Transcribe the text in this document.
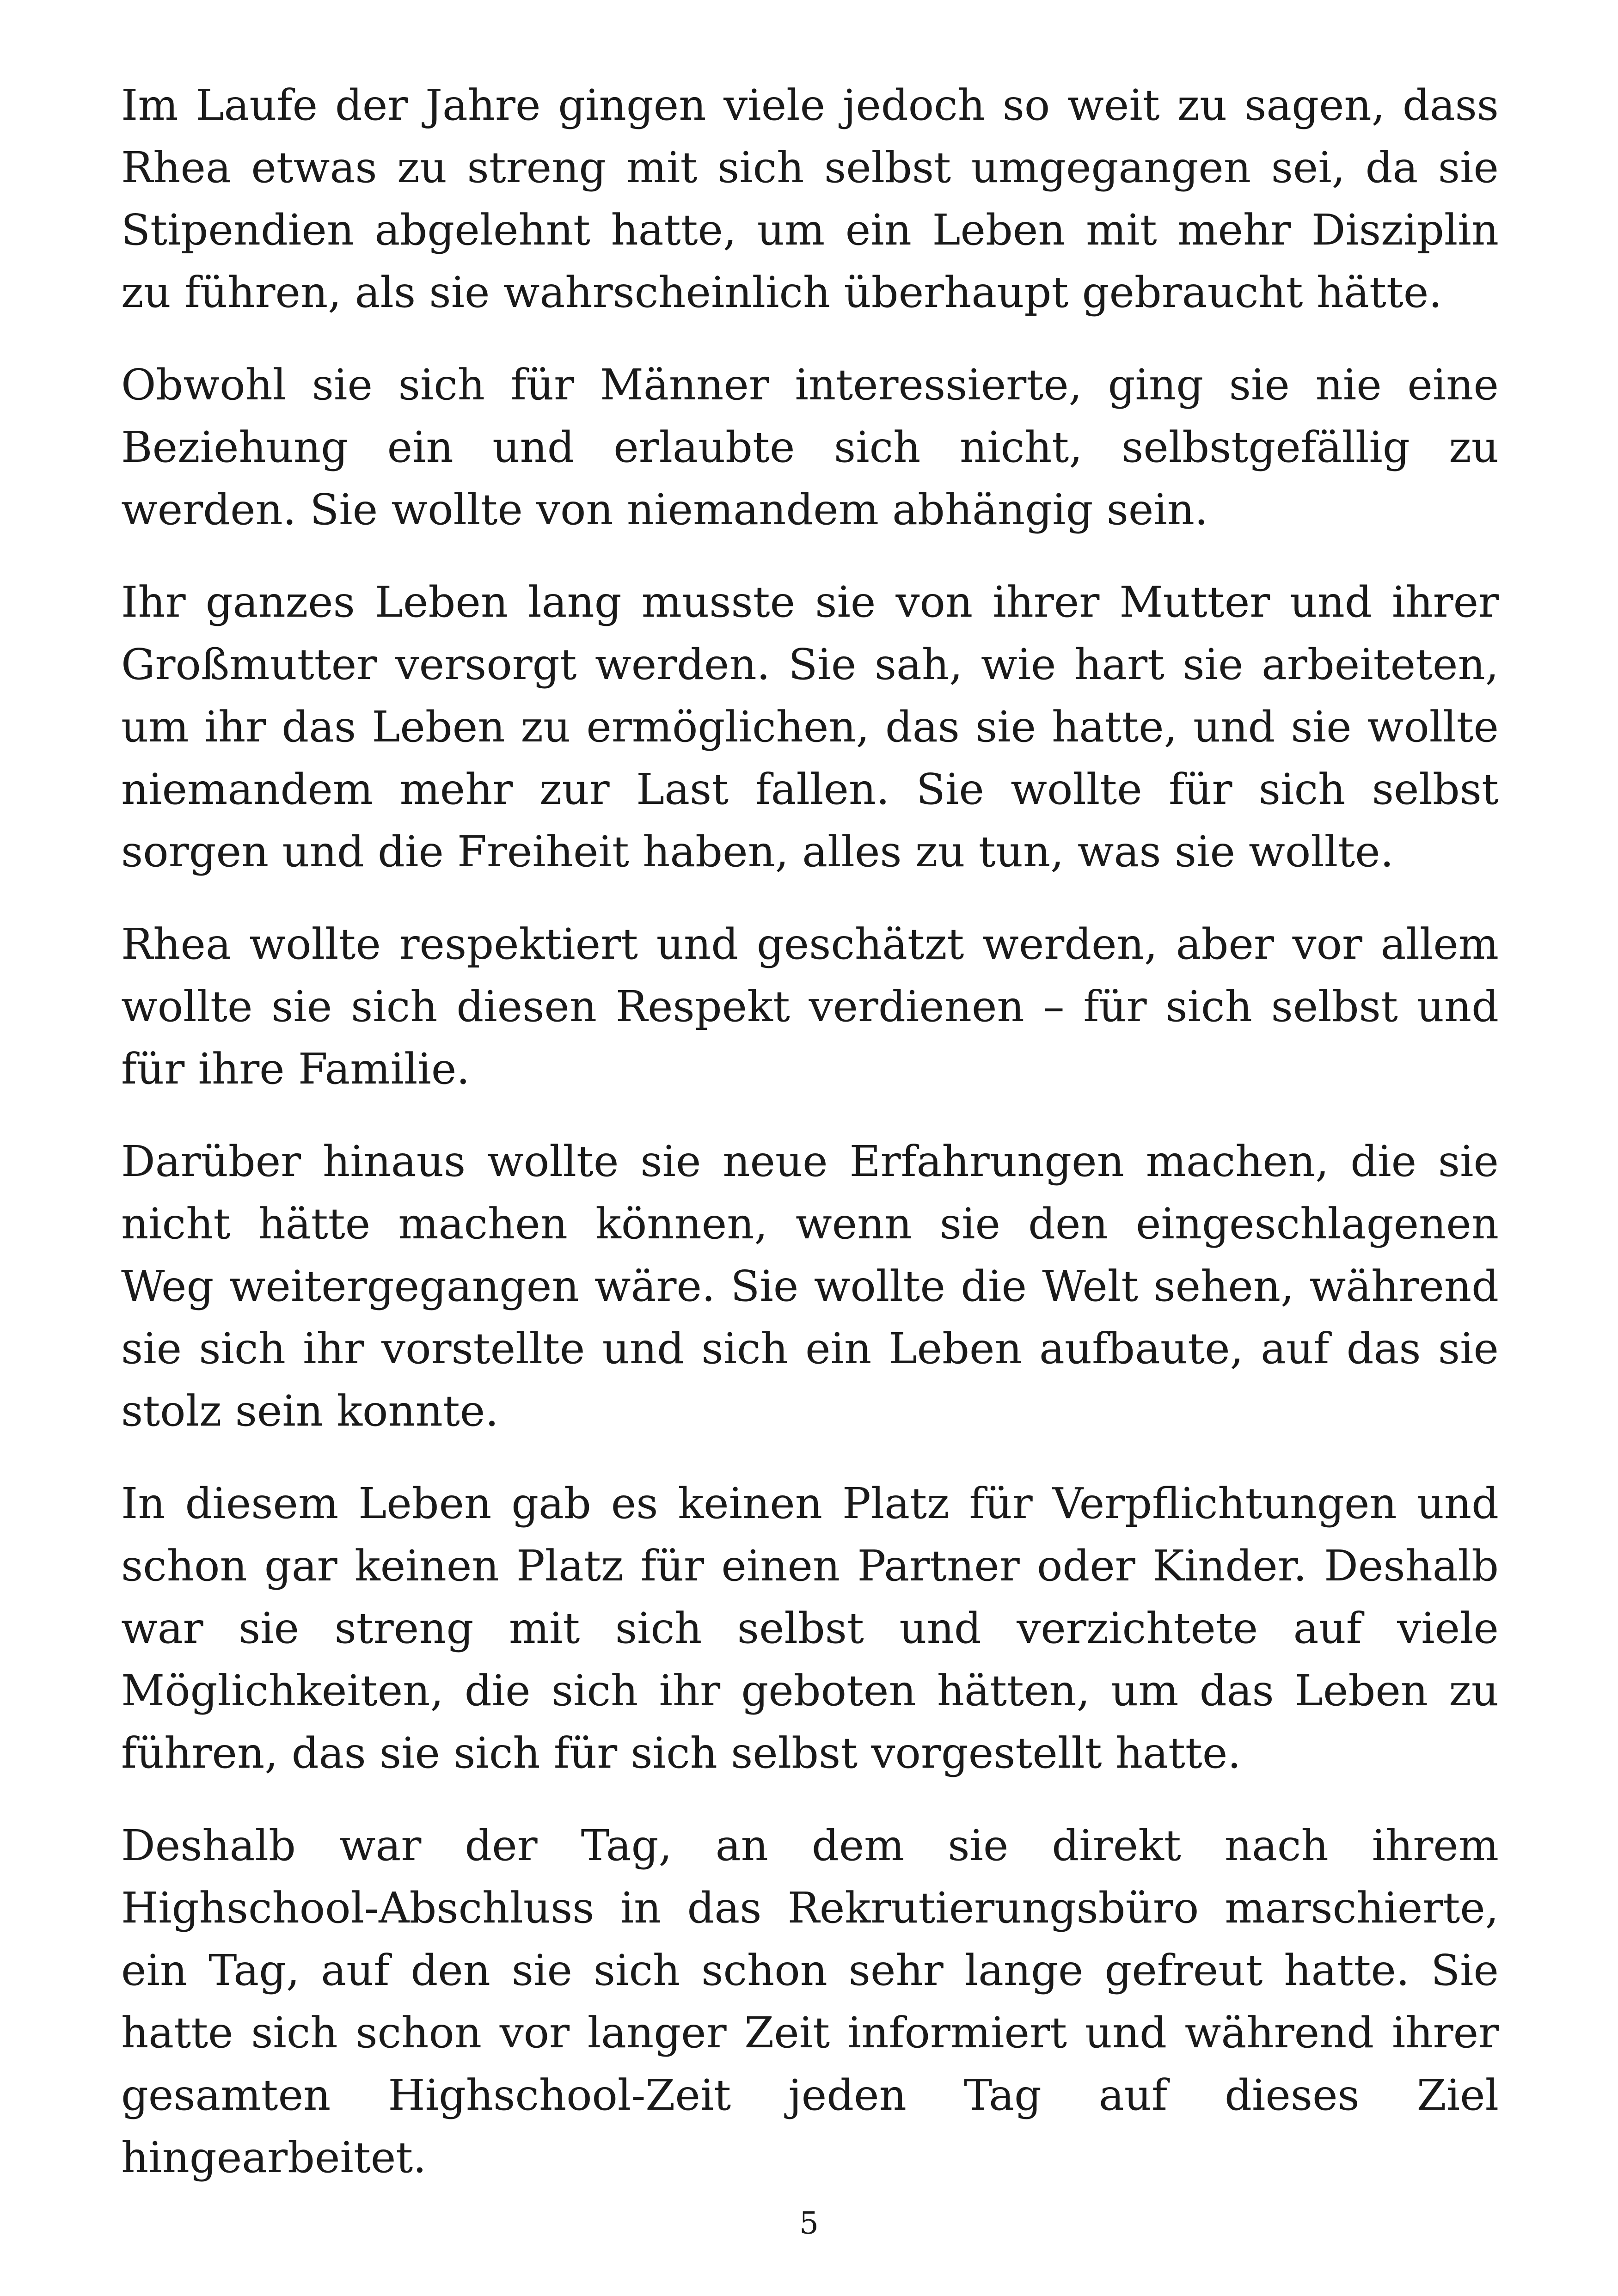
Im Laufe der Jahre gingen viele jedoch so weit zu sagen, dass Rhea etwas zu streng mit sich selbst umgegangen sei, da sie Stipendien abgelehnt hatte, um ein Leben mit mehr Disziplin zu führen, als sie wahrscheinlich überhaupt gebraucht hätte.

Obwohl sie sich für Männer interessierte, ging sie nie eine Beziehung ein und erlaubte sich nicht, selbstgefällig zu werden. Sie wollte von niemandem abhängig sein.

Ihr ganzes Leben lang musste sie von ihrer Mutter und ihrer Großmutter versorgt werden. Sie sah, wie hart sie arbeiteten, um ihr das Leben zu ermöglichen, das sie hatte, und sie wollte niemandem mehr zur Last fallen. Sie wollte für sich selbst sorgen und die Freiheit haben, alles zu tun, was sie wollte.

Rhea wollte respektiert und geschätzt werden, aber vor allem wollte sie sich diesen Respekt verdienen – für sich selbst und für ihre Familie.

Darüber hinaus wollte sie neue Erfahrungen machen, die sie nicht hätte machen können, wenn sie den eingeschlagenen Weg weitergegangen wäre. Sie wollte die Welt sehen, während sie sich ihr vorstellte und sich ein Leben aufbaute, auf das sie stolz sein konnte.

In diesem Leben gab es keinen Platz für Verpflichtungen und schon gar keinen Platz für einen Partner oder Kinder. Deshalb war sie streng mit sich selbst und verzichtete auf viele Möglichkeiten, die sich ihr geboten hätten, um das Leben zu führen, das sie sich für sich selbst vorgestellt hatte.

Deshalb war der Tag, an dem sie direkt nach ihrem Highschool-Abschluss in das Rekrutierungsbüro marschierte, ein Tag, auf den sie sich schon sehr lange gefreut hatte. Sie hatte sich schon vor langer Zeit informiert und während ihrer gesamten Highschool-Zeit jeden Tag auf dieses Ziel hingearbeitet.

5
